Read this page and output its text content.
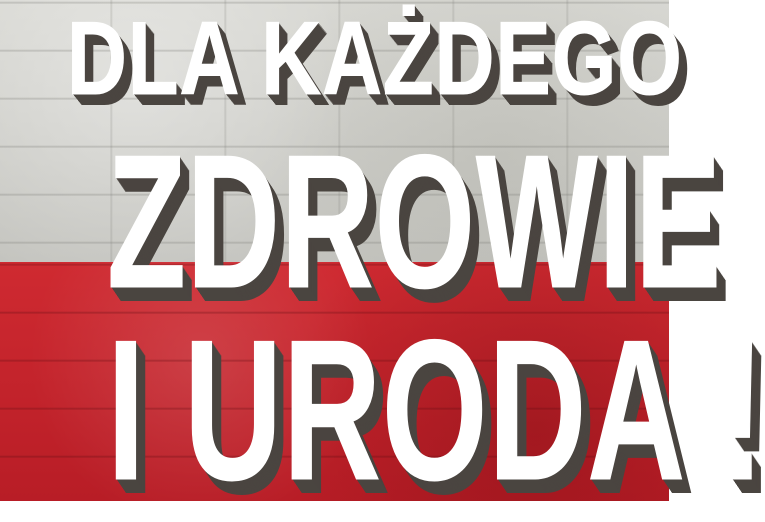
DLA KAŻDEGO
ZDROWIE
I URODA !
